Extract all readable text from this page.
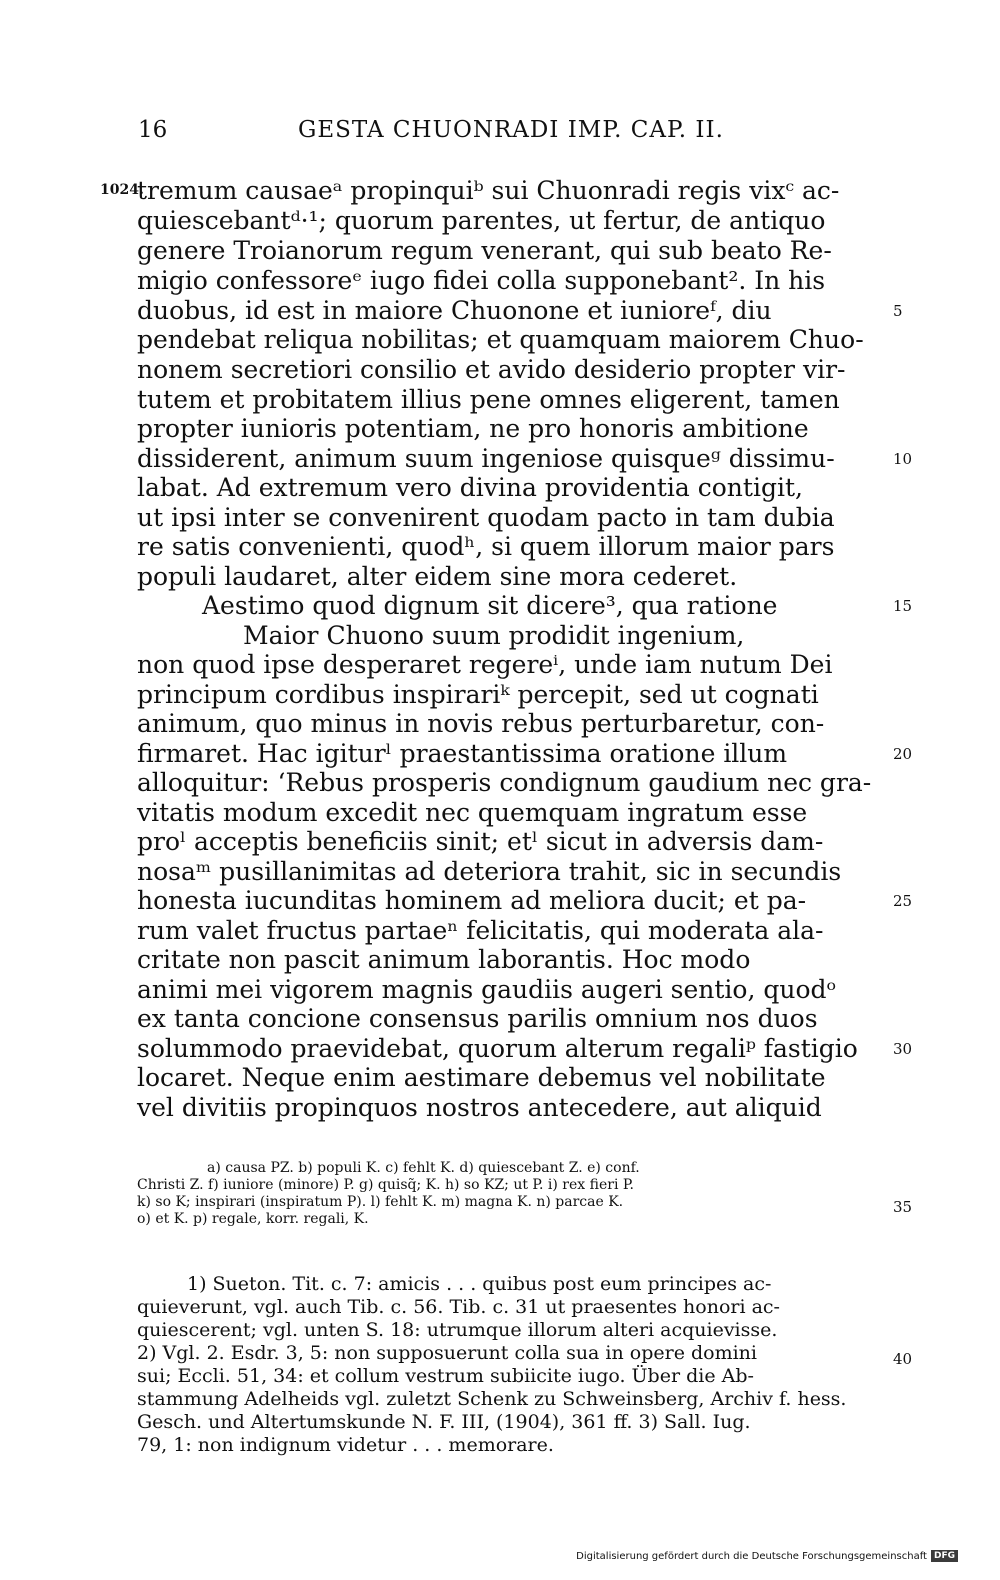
16	GESTA CHUONRADI IMP. CAP. II.
1024.
tremum causaeᵃ propinquiᵇ sui Chuonradi regis vixᶜ ac-
quiescebantᵈ·¹; quorum parentes, ut fertur, de antiquo
genere Troianorum regum venerant, qui sub beato Re-
migio confessoreᵉ iugo fidei colla supponebant². In his
duobus, id est in maiore Chuonone et iunioreᶠ, diu
pendebat reliqua nobilitas; et quamquam maiorem Chuo-
nonem secretiori consilio et avido desiderio propter vir-
tutem et probitatem illius pene omnes eligerent, tamen
propter iunioris potentiam, ne pro honoris ambitione
dissiderent, animum suum ingeniose quisqueᵍ dissimu-
labat. Ad extremum vero divina providentia contigit,
ut ipsi inter se convenirent quodam pacto in tam dubia
re satis convenienti, quodʰ, si quem illorum maior pars
populi laudaret, alter eidem sine mora cederet.
Aestimo quod dignum sit dicere³, qua ratione
Maior Chuono suum prodidit ingenium,
non quod ipse desperaret regereⁱ, unde iam nutum Dei
principum cordibus inspirariᵏ percepit, sed ut cognati
animum, quo minus in novis rebus perturbaretur, con-
firmaret. Hac igiturˡ praestantissima oratione illum
alloquitur: ‘Rebus prosperis condignum gaudium nec gra-
vitatis modum excedit nec quemquam ingratum esse
proˡ acceptis beneficiis sinit; etˡ sicut in adversis dam-
nosaᵐ pusillanimitas ad deteriora trahit, sic in secundis
honesta iucunditas hominem ad meliora ducit; et pa-
rum valet fructus partaeⁿ felicitatis, qui moderata ala-
critate non pascit animum laborantis. Hoc modo
animi mei vigorem magnis gaudiis augeri sentio, quodᵒ
ex tanta concione consensus parilis omnium nos duos
solummodo praevidebat, quorum alterum regaliᵖ fastigio
locaret. Neque enim aestimare debemus vel nobilitate
vel divitiis propinquos nostros antecedere, aut aliquid
5
10
15
20
25
30
35
40
a) causa PZ. b) populi K. c) fehlt K. d) quiescebant Z. e) conf.
Christi Z. f) iuniore (minore) P. g) quisq̃; K. h) so KZ; ut P. i) rex fieri P.
k) so K; inspirari (inspiratum P). l) fehlt K. m) magna K. n) parcae K.
o) et K. p) regale, korr. regali, K.
1) Sueton. Tit. c. 7: amicis . . . quibus post eum principes ac-
quieverunt, vgl. auch Tib. c. 56. Tib. c. 31 ut praesentes honori ac-
quiescerent; vgl. unten S. 18: utrumque illorum alteri acquievisse.
2) Vgl. 2. Esdr. 3, 5: non supposuerunt colla sua in opere domini
sui; Eccli. 51, 34: et collum vestrum subiicite iugo. Über die Ab-
stammung Adelheids vgl. zuletzt Schenk zu Schweinsberg, Archiv f. hess.
Gesch. und Altertumskunde N. F. III, (1904), 361 ff. 3) Sall. Iug.
79, 1: non indignum videtur . . . memorare.
Digitalisierung gefördert durch die Deutsche Forschungsgemeinschaft DFG
